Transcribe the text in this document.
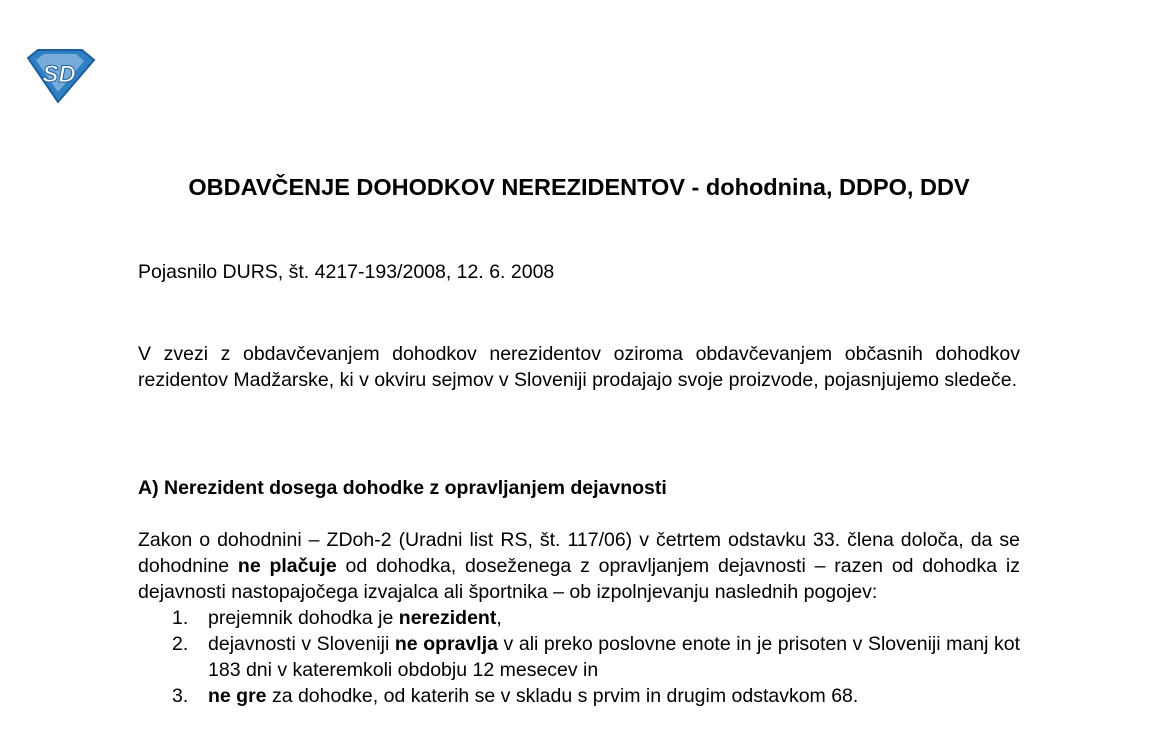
SD
OBDAVČENJE DOHODKOV NEREZIDENTOV - dohodnina, DDPO, DDV
Pojasnilo DURS, št. 4217-193/2008, 12. 6. 2008
V zvezi z obdavčevanjem dohodkov nerezidentov oziroma obdavčevanjem občasnih dohodkov rezidentov Madžarske, ki v okviru sejmov v Sloveniji prodajajo svoje proizvode, pojasnjujemo sledeče.
A) Nerezident dosega dohodke z opravljanjem dejavnosti

Zakon o dohodnini – ZDoh-2 (Uradni list RS, št. 117/06) v četrtem odstavku 33. člena določa, da se dohodnine ne plačuje od dohodka, doseženega z opravljanjem dejavnosti – razen od dohodka iz dejavnosti nastopajočega izvajalca ali športnika – ob izpolnjevanju naslednih pogojev:

1. prejemnik dohodka je nerezident,
2. dejavnosti v Sloveniji ne opravlja v ali preko poslovne enote in je prisoten v Sloveniji manj kot 183 dni v kateremkoli obdobju 12 mesecev in
3. ne gre za dohodke, od katerih se v skladu s prvim in drugim odstavkom 68.
